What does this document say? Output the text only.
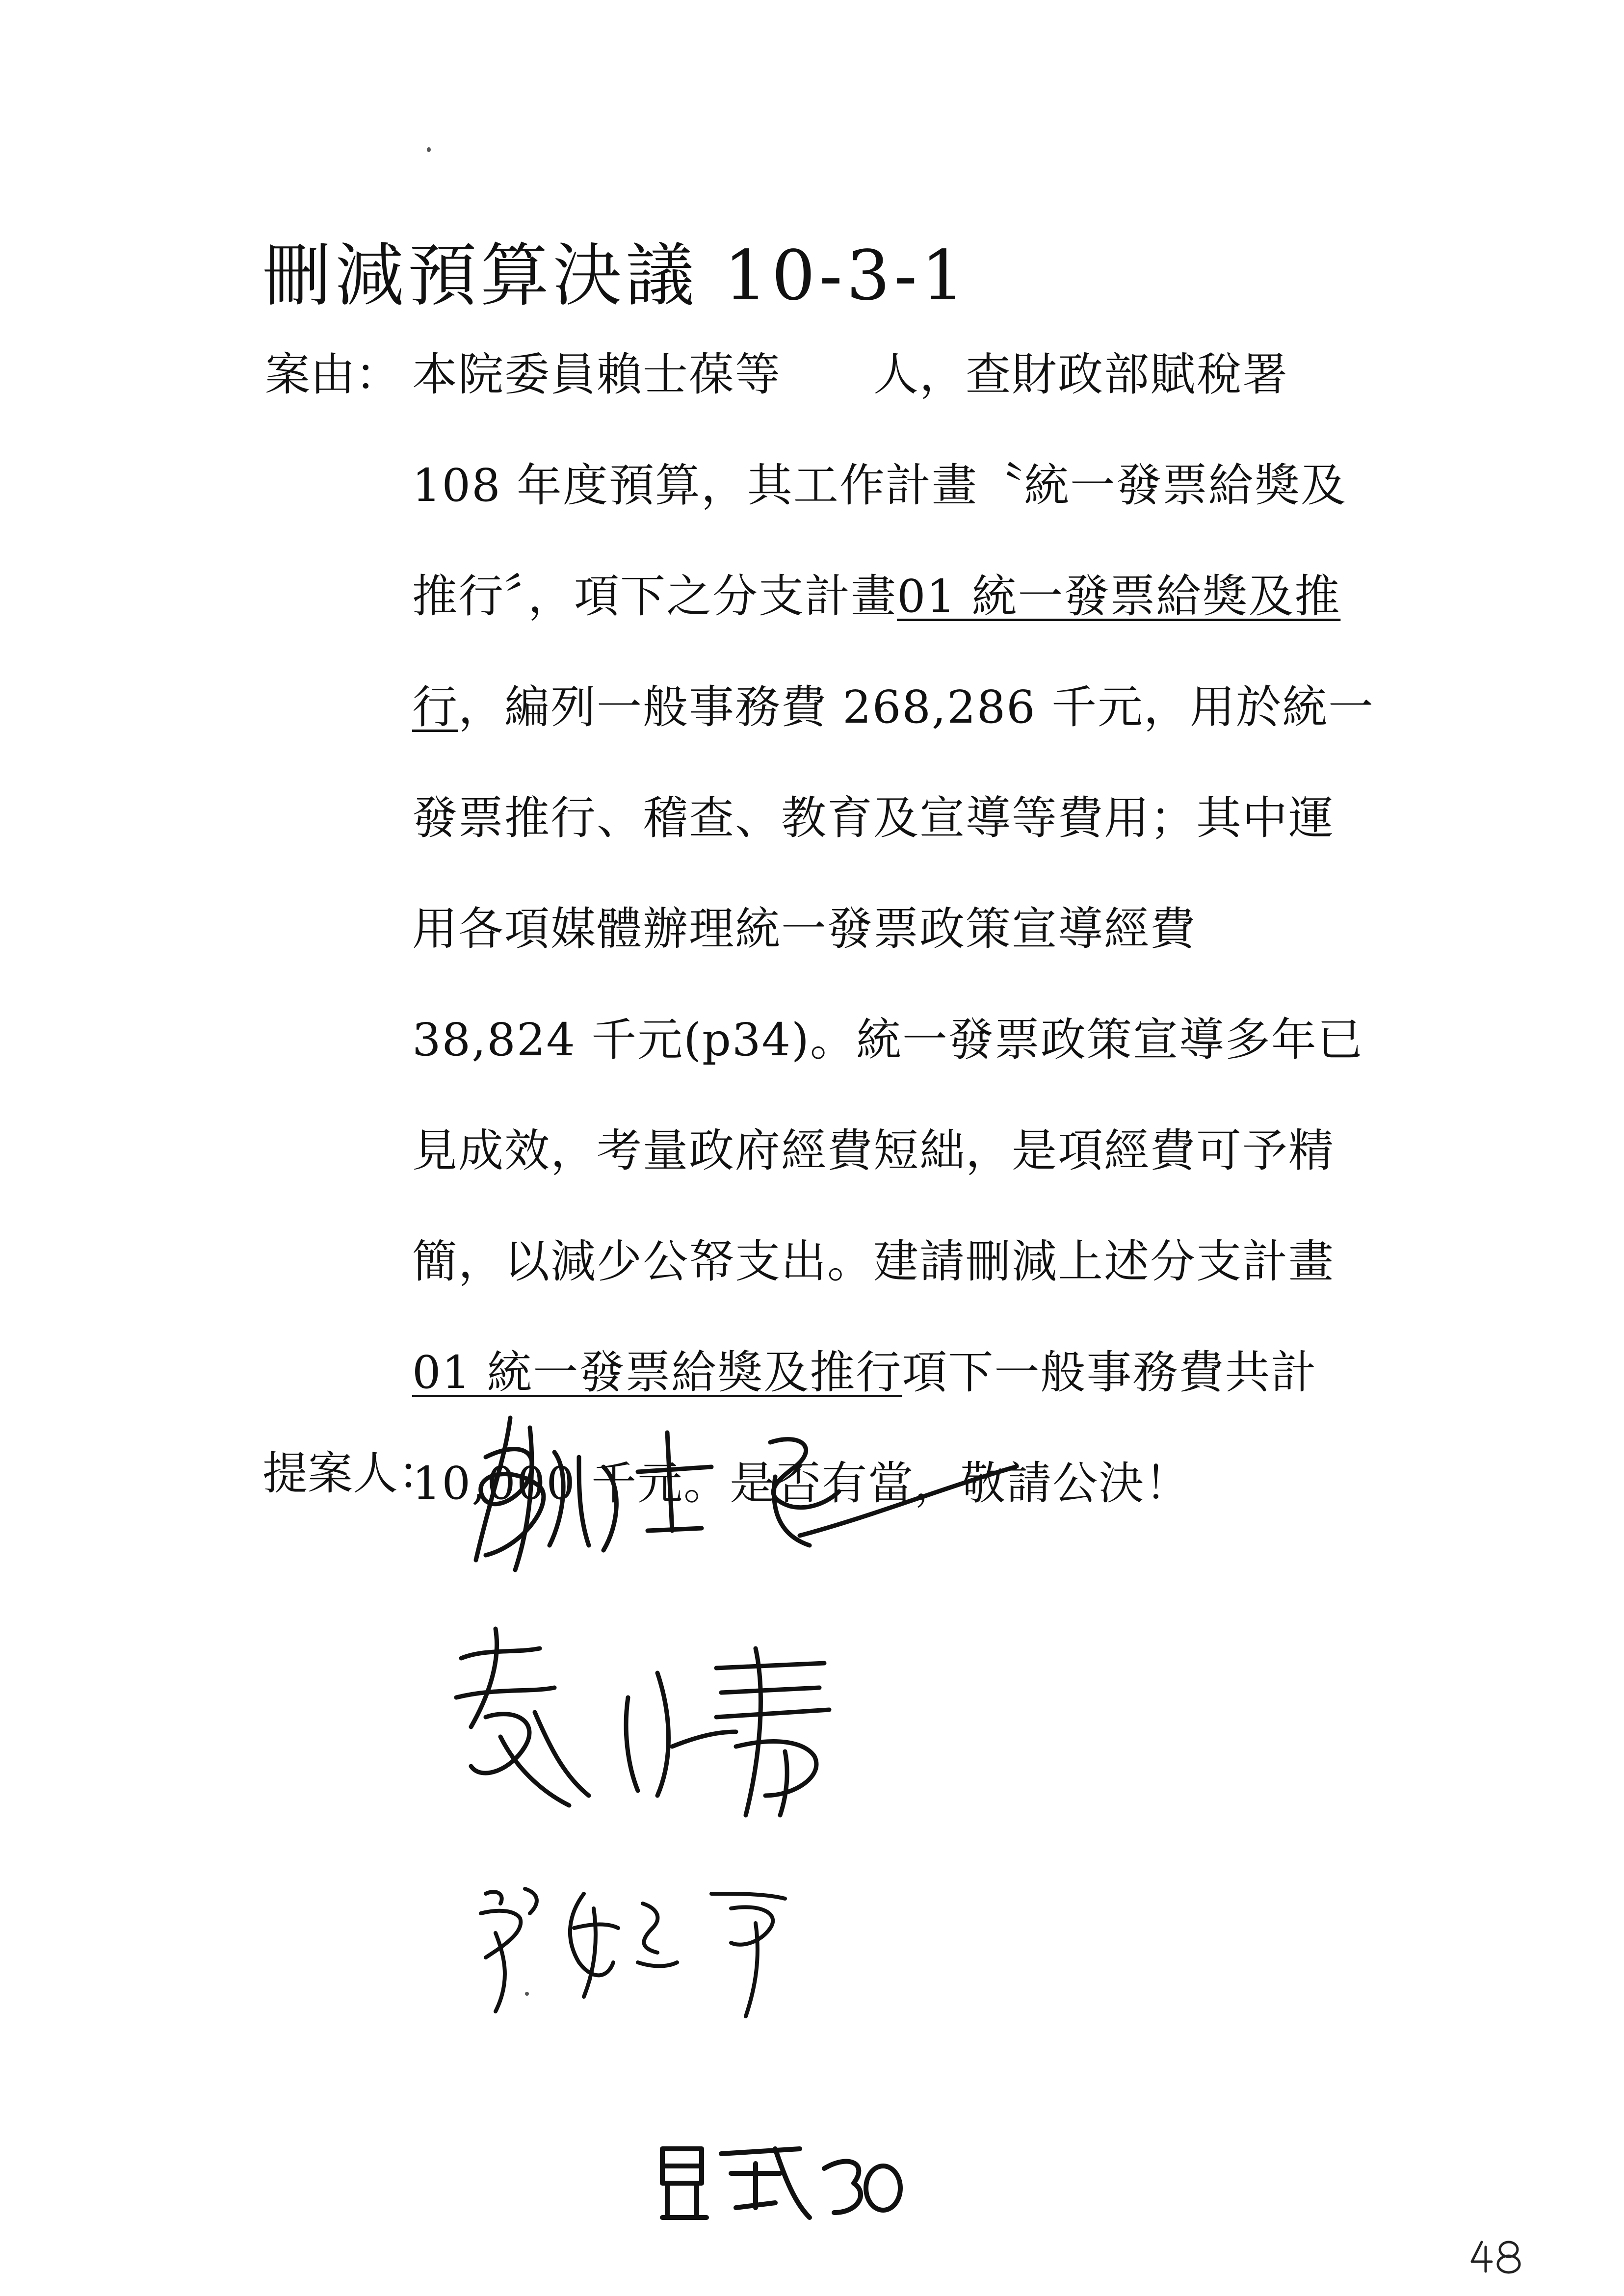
刪減預算決議 10-3-1
案由： 本院委員賴士葆等　　人，查財政部賦稅署
108 年度預算，其工作計畫〝統一發票給獎及
推行〞，項下之分支計畫01 統一發票給獎及推
行，編列一般事務費 268,286 千元，用於統一
發票推行、稽查、教育及宣導等費用；其中運
用各項媒體辦理統一發票政策宣導經費
38,824 千元(p34)。統一發票政策宣導多年已
見成效，考量政府經費短絀，是項經費可予精
簡，以減少公帑支出。建請刪減上述分支計畫
01 統一發票給獎及推行項下一般事務費共計
10,000 千元。是否有當，敬請公決！
提案人：
